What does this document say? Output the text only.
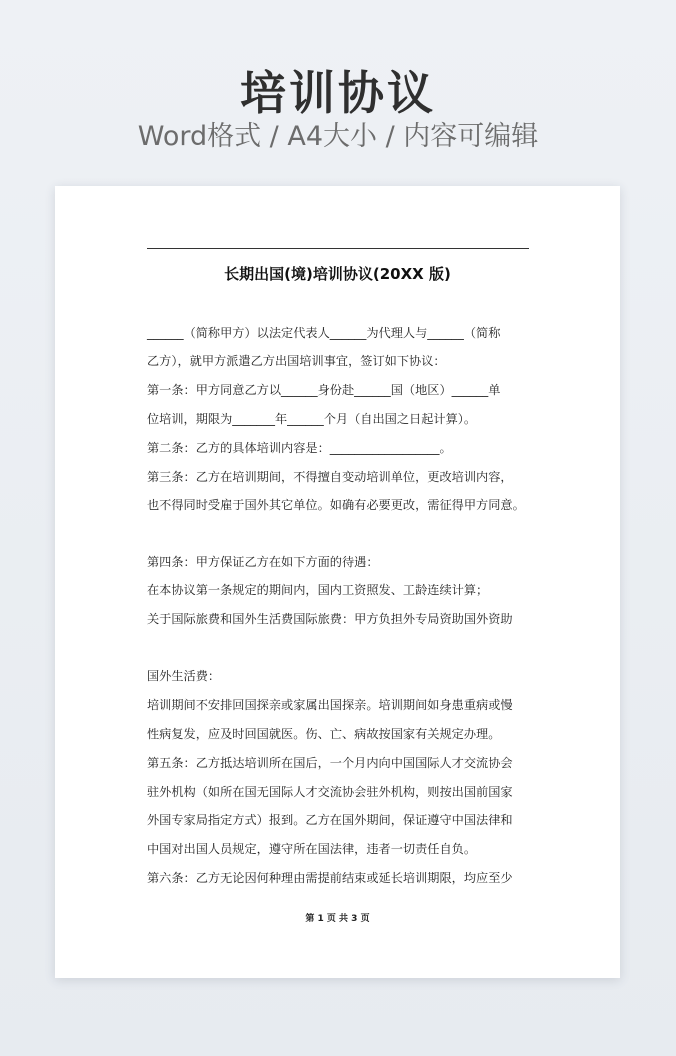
培训协议
Word格式 / A4大小 / 内容可编辑
长期出国(境)培训协议(20XX 版)
______（简称甲方）以法定代表人______为代理人与______（简称
乙方），就甲方派遣乙方出国培训事宜，签订如下协议：
第一条：甲方同意乙方以______身份赴______国（地区）______单
位培训，期限为_______年______个月（自出国之日起计算）。
第二条：乙方的具体培训内容是：__________________。
第三条：乙方在培训期间，不得擅自变动培训单位，更改培训内容，
也不得同时受雇于国外其它单位。如确有必要更改，需征得甲方同意。
第四条：甲方保证乙方在如下方面的待遇：
在本协议第一条规定的期间内，国内工资照发、工龄连续计算；
关于国际旅费和国外生活费国际旅费：甲方负担外专局资助国外资助
国外生活费：
培训期间不安排回国探亲或家属出国探亲。培训期间如身患重病或慢
性病复发，应及时回国就医。伤、亡、病故按国家有关规定办理。
第五条：乙方抵达培训所在国后，一个月内向中国国际人才交流协会
驻外机构（如所在国无国际人才交流协会驻外机构，则按出国前国家
外国专家局指定方式）报到。乙方在国外期间，保证遵守中国法律和
中国对出国人员规定，遵守所在国法律，违者一切责任自负。
第六条：乙方无论因何种理由需提前结束或延长培训期限，均应至少
第 1 页 共 3 页
